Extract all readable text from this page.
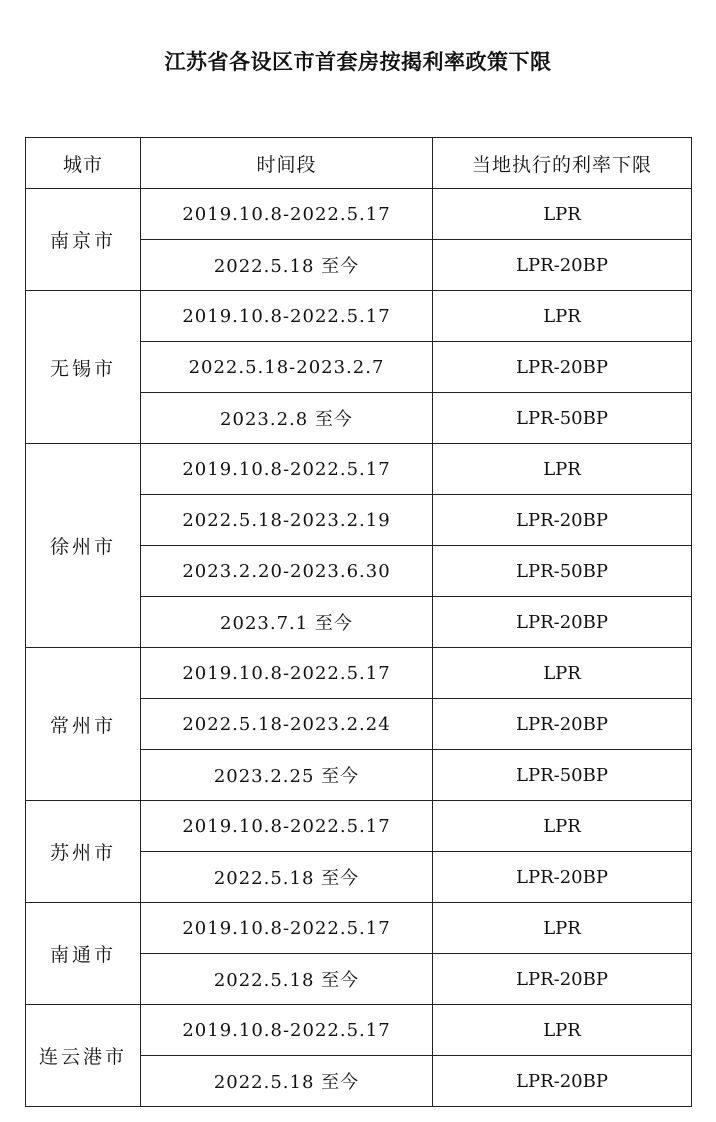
江苏省各设区市首套房按揭利率政策下限
城市	时间段	当地执行的利率下限
南京市	2019.10.8-2022.5.17	LPR
	2022.5.18 至今	LPR-20BP
无锡市	2019.10.8-2022.5.17	LPR
	2022.5.18-2023.2.7	LPR-20BP
	2023.2.8 至今	LPR-50BP
徐州市	2019.10.8-2022.5.17	LPR
	2022.5.18-2023.2.19	LPR-20BP
	2023.2.20-2023.6.30	LPR-50BP
	2023.7.1 至今	LPR-20BP
常州市	2019.10.8-2022.5.17	LPR
	2022.5.18-2023.2.24	LPR-20BP
	2023.2.25 至今	LPR-50BP
苏州市	2019.10.8-2022.5.17	LPR
	2022.5.18 至今	LPR-20BP
南通市	2019.10.8-2022.5.17	LPR
	2022.5.18 至今	LPR-20BP
连云港市	2019.10.8-2022.5.17	LPR
	2022.5.18 至今	LPR-20BP
